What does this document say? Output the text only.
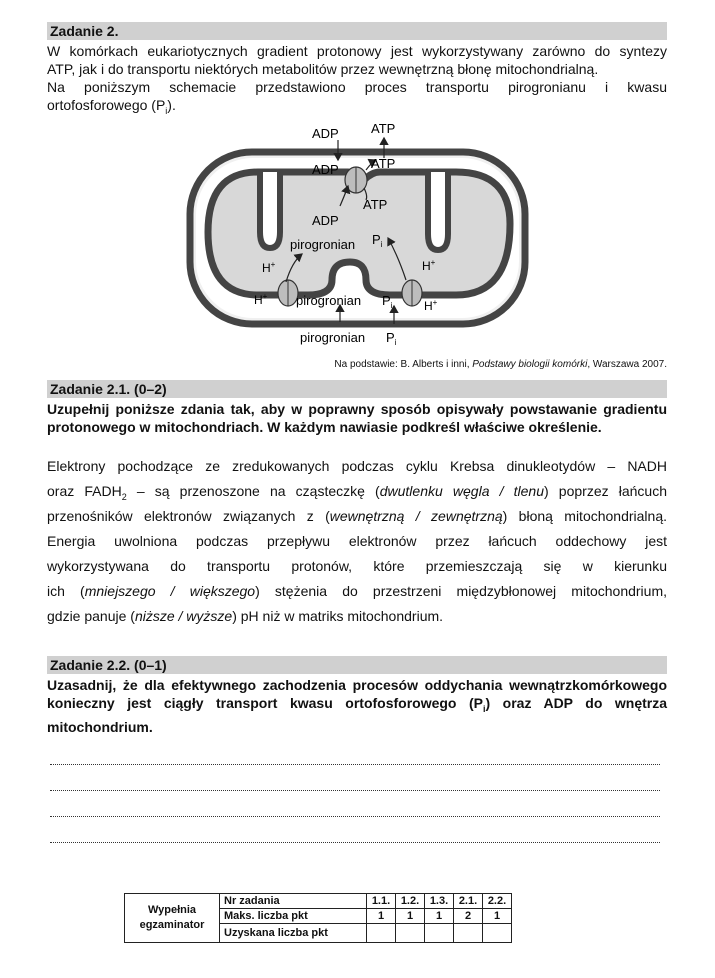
Zadanie 2.
W komórkach eukariotycznych gradient protonowy jest wykorzystywany zarówno do syntezy
ATP, jak i do transportu niektórych metabolitów przez wewnętrzną błonę mitochondrialną.
Na poniższym schemacie przedstawiono proces transportu pirogronianu i kwasu
ortofosforowego $(P_i)$.
ADP ATP
ADP ATP
ADP
ATP
pirogronian $P_i$
H+
H+
H+
H+
pirogronian $P_i$
pirogronian $P_i$
Na podstawie: B. Alberts i inni, Podstawy biologii komórki, Warszawa 2007.
Zadanie 2.1. (0–2)
Uzupełnij poniższe zdania tak, aby w poprawny sposób opisywały powstawanie gradientu
protonowego w mitochondriach. W każdym nawiasie podkreśl właściwe określenie.
Elektrony pochodzące ze zredukowanych podczas cyklu Krebsa dinukleotydów – NADH
oraz $FADH_2$ – są przenoszone na cząsteczkę (dwutlenku węgla / tlenu) poprzez łańcuch
przenośników elektronów związanych z (wewnętrzną / zewnętrzną) błoną mitochondrialną.
Energia uwolniona podczas przepływu elektronów przez łańcuch oddechowy jest
wykorzystywana do transportu protonów, które przemieszczają się w kierunku
ich (mniejszego / większego) stężenia do przestrzeni międzybłonowej mitochondrium,
gdzie panuje (niższe / wyższe) pH niż w matriks mitochondrium.
Zadanie 2.2. (0–1)
Uzasadnij, że dla efektywnego zachodzenia procesów oddychania wewnątrzkomórkowego
konieczny jest ciągły transport kwasu ortofosforowego $(P_i)$ oraz ADP do wnętrza
mitochondrium.
Wypełnia
egzaminator	Nr zadania	1.1.	1.2.	1.3.	2.1.	2.2.
	Maks. liczba pkt	1	1	1	2	1
	Uzyskana liczba pkt					
